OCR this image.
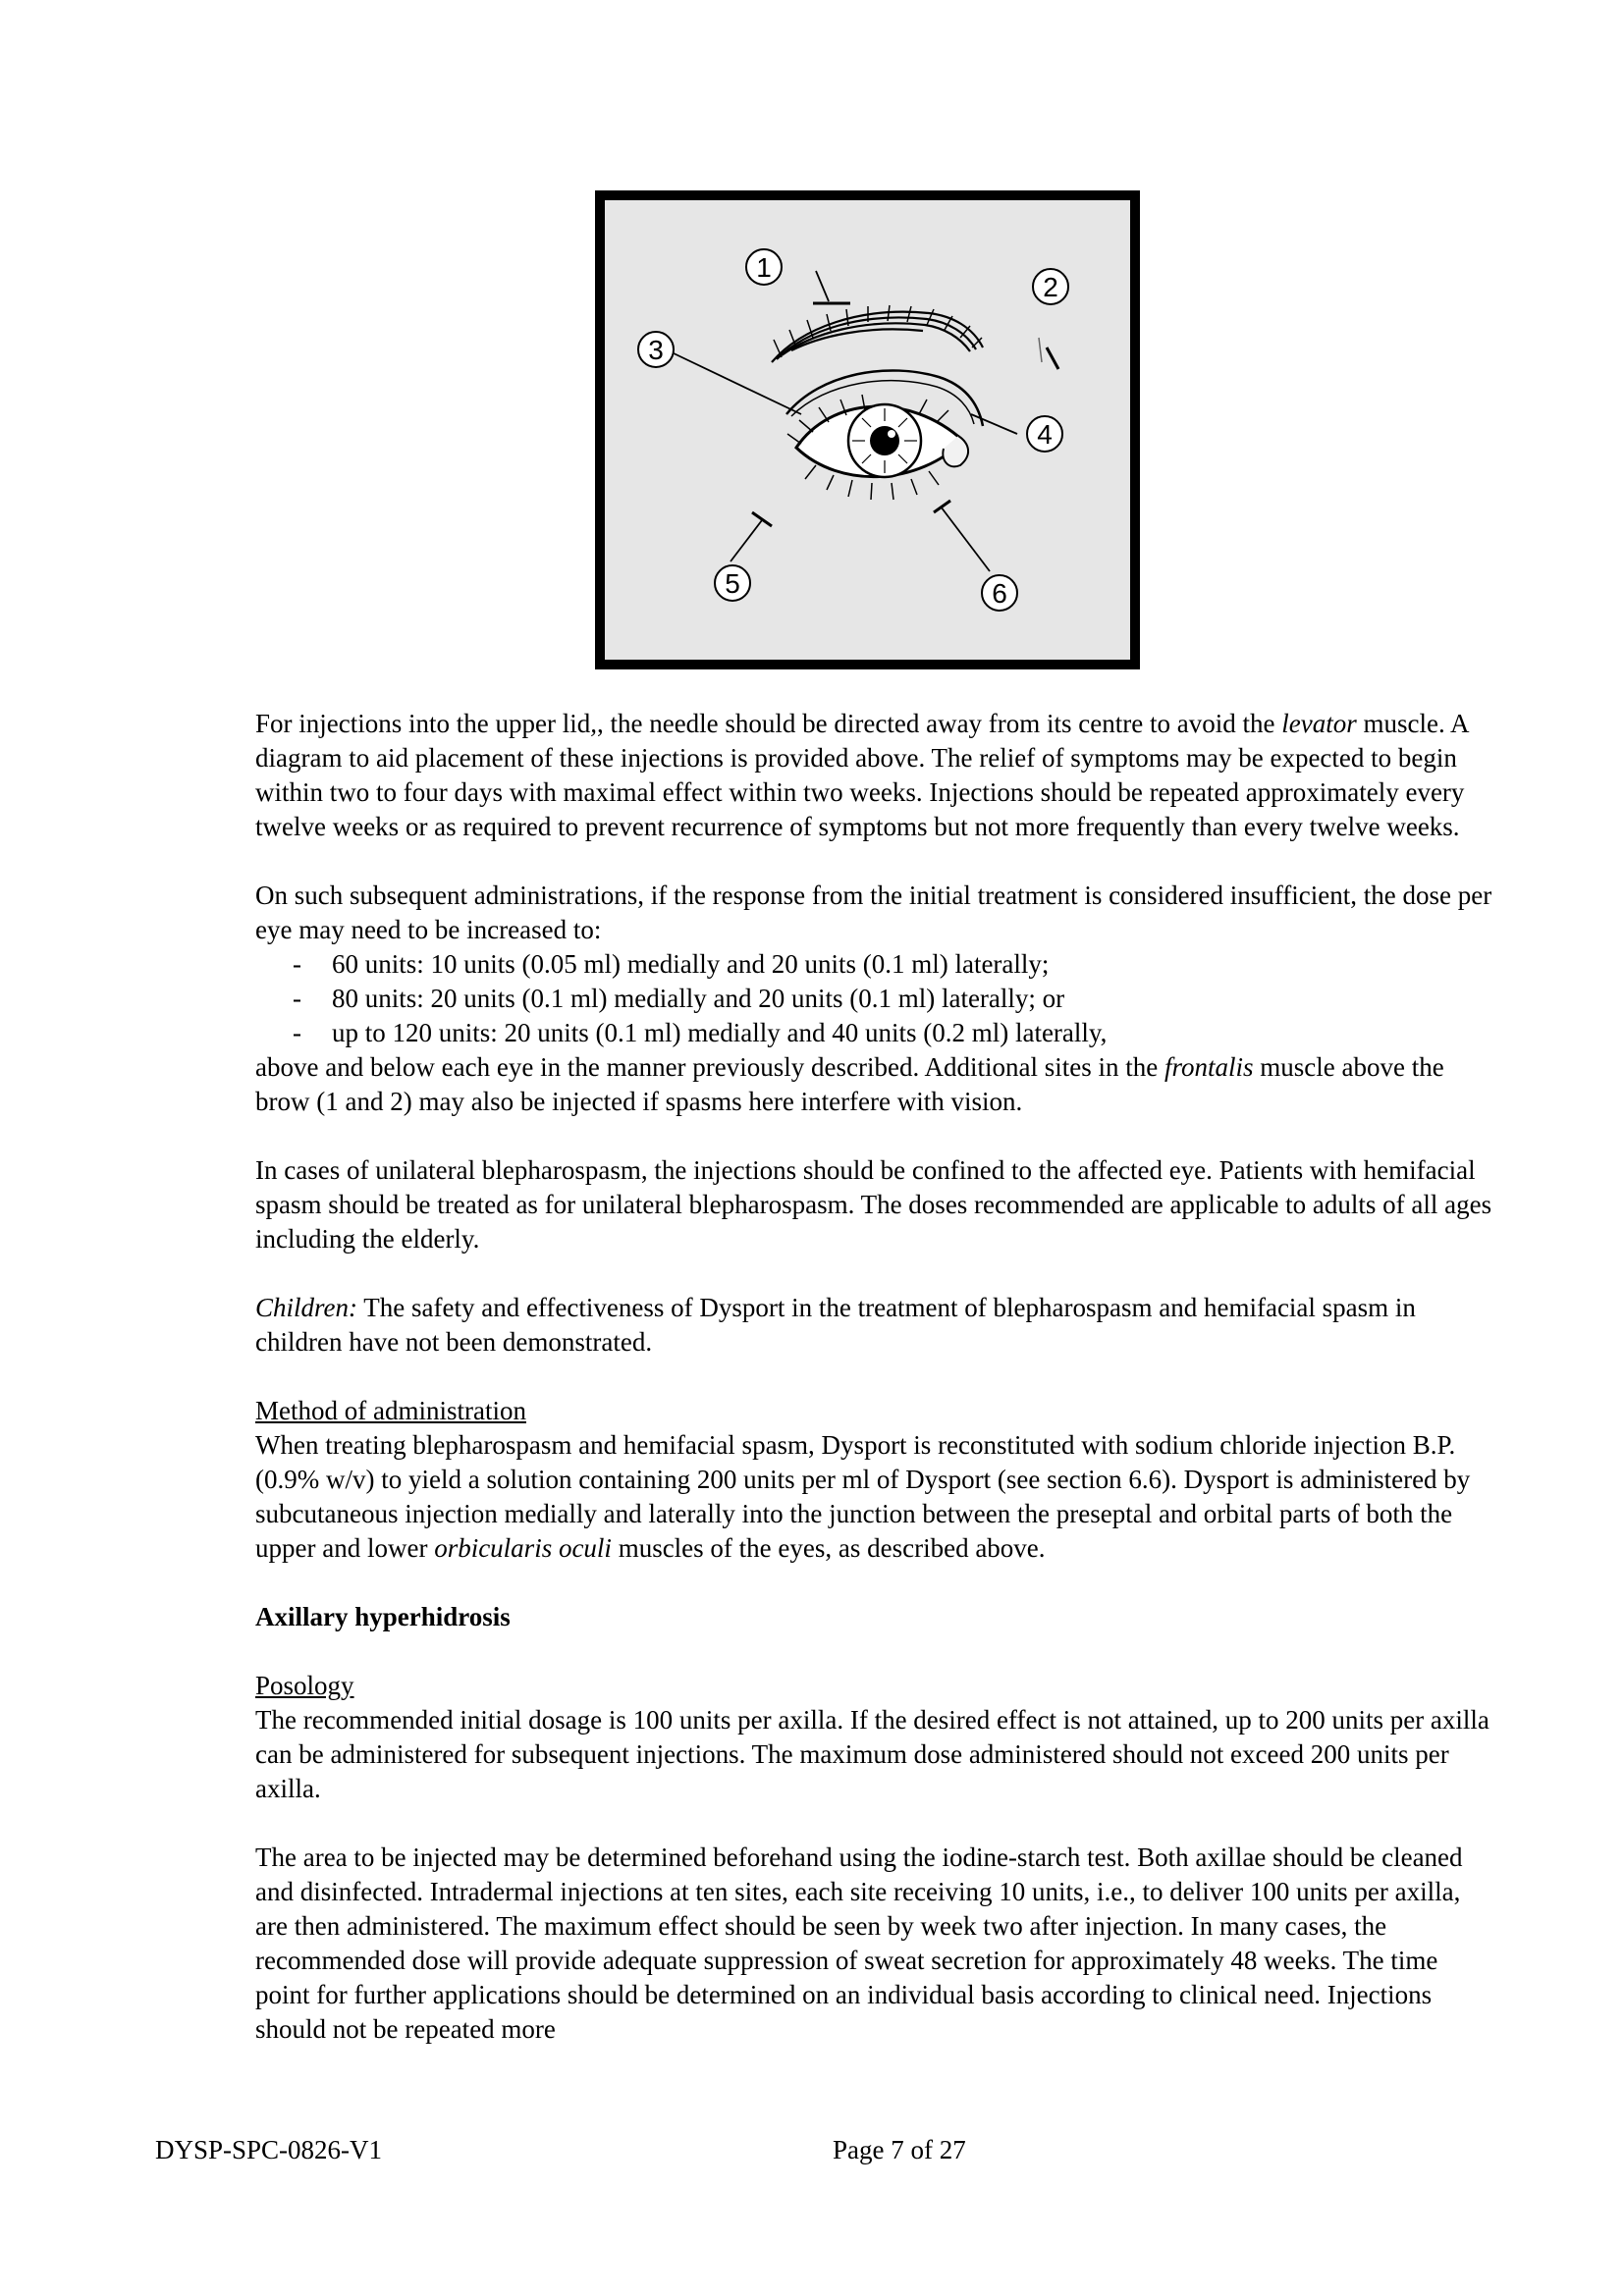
1
2
3
4
5	6

For injections into the upper lid,, the needle should be directed away from its centre to avoid the levator muscle. A diagram to aid placement of these injections is provided above. The relief of symptoms may be expected to begin within two to four days with maximal effect within two weeks. Injections should be repeated approximately every twelve weeks or as required to prevent recurrence of symptoms but not more frequently than every twelve weeks.

On such subsequent administrations, if the response from the initial treatment is considered insufficient, the dose per eye may need to be increased to:

- 60 units: 10 units (0.05 ml) medially and 20 units (0.1 ml) laterally;
- 80 units: 20 units (0.1 ml) medially and 20 units (0.1 ml) laterally; or
- up to 120 units: 20 units (0.1 ml) medially and 40 units (0.2 ml) laterally,

above and below each eye in the manner previously described. Additional sites in the frontalis muscle above the brow (1 and 2) may also be injected if spasms here interfere with vision.

In cases of unilateral blepharospasm, the injections should be confined to the affected eye. Patients with hemifacial spasm should be treated as for unilateral blepharospasm. The doses recommended are applicable to adults of all ages including the elderly.

Children: The safety and effectiveness of Dysport in the treatment of blepharospasm and hemifacial spasm in children have not been demonstrated.

Method of administration

When treating blepharospasm and hemifacial spasm, Dysport is reconstituted with sodium chloride injection B.P. (0.9% w/v) to yield a solution containing 200 units per ml of Dysport (see section 6.6). Dysport is administered by subcutaneous injection medially and laterally into the junction between the preseptal and orbital parts of both the upper and lower orbicularis oculi muscles of the eyes, as described above.

Axillary hyperhidrosis

Posology

The recommended initial dosage is 100 units per axilla. If the desired effect is not attained, up to 200 units per axilla can be administered for subsequent injections. The maximum dose administered should not exceed 200 units per axilla.

The area to be injected may be determined beforehand using the iodine-starch test. Both axillae should be cleaned and disinfected. Intradermal injections at ten sites, each site receiving 10 units, i.e., to deliver 100 units per axilla, are then administered. The maximum effect should be seen by week two after injection. In many cases, the recommended dose will provide adequate suppression of sweat secretion for approximately 48 weeks. The time point for further applications should be determined on an individual basis according to clinical need. Injections should not be repeated more

DYSP-SPC-0826-V1	Page 7 of 27
